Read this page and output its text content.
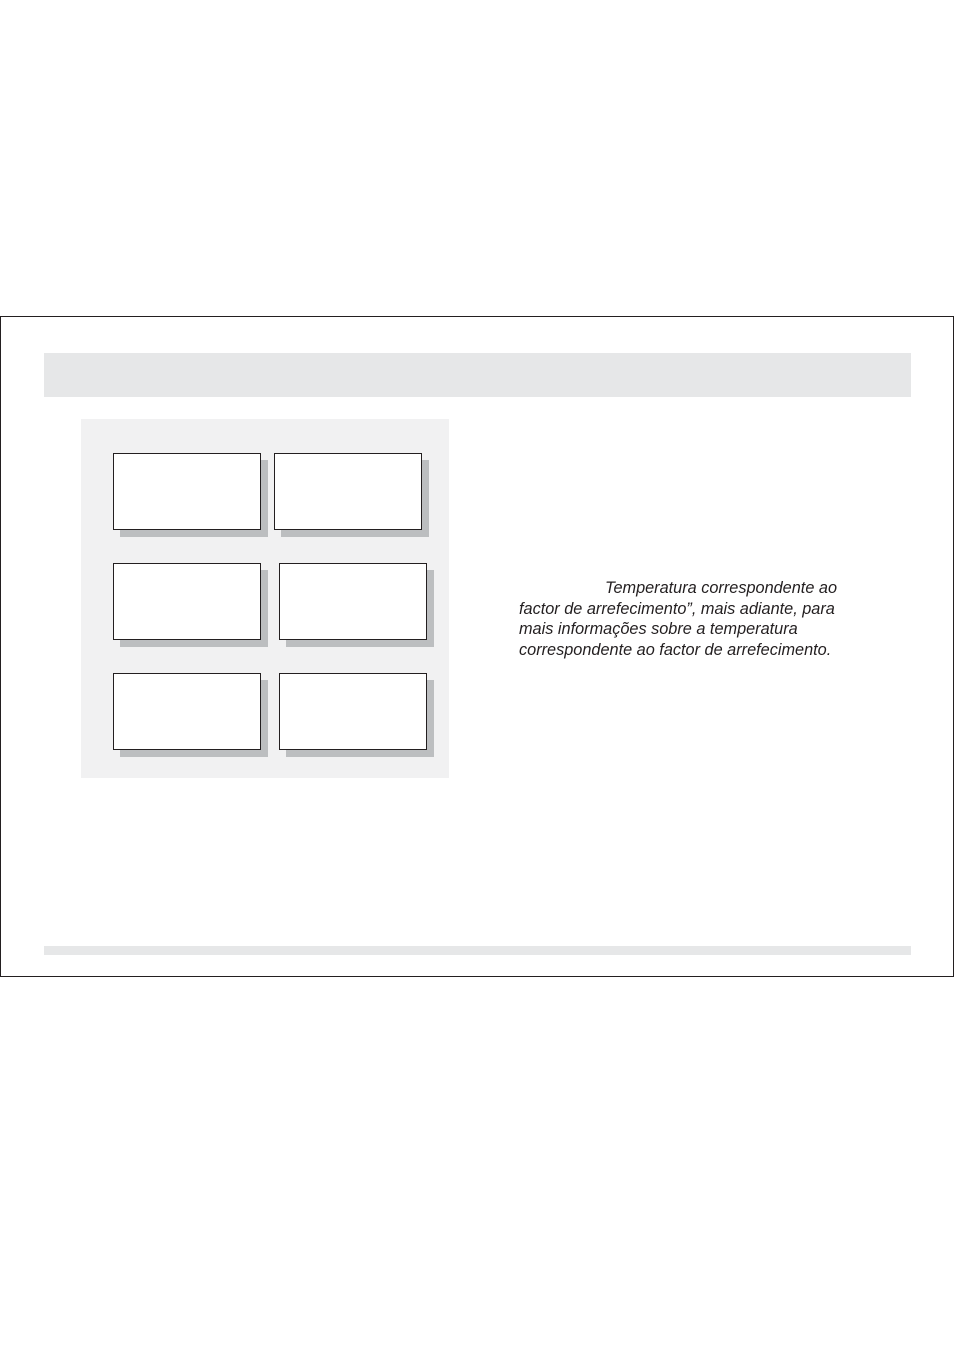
Temperatura correspondente ao
factor de arrefecimento”, mais adiante, para
mais informações sobre a temperatura
correspondente ao factor de arrefecimento.
